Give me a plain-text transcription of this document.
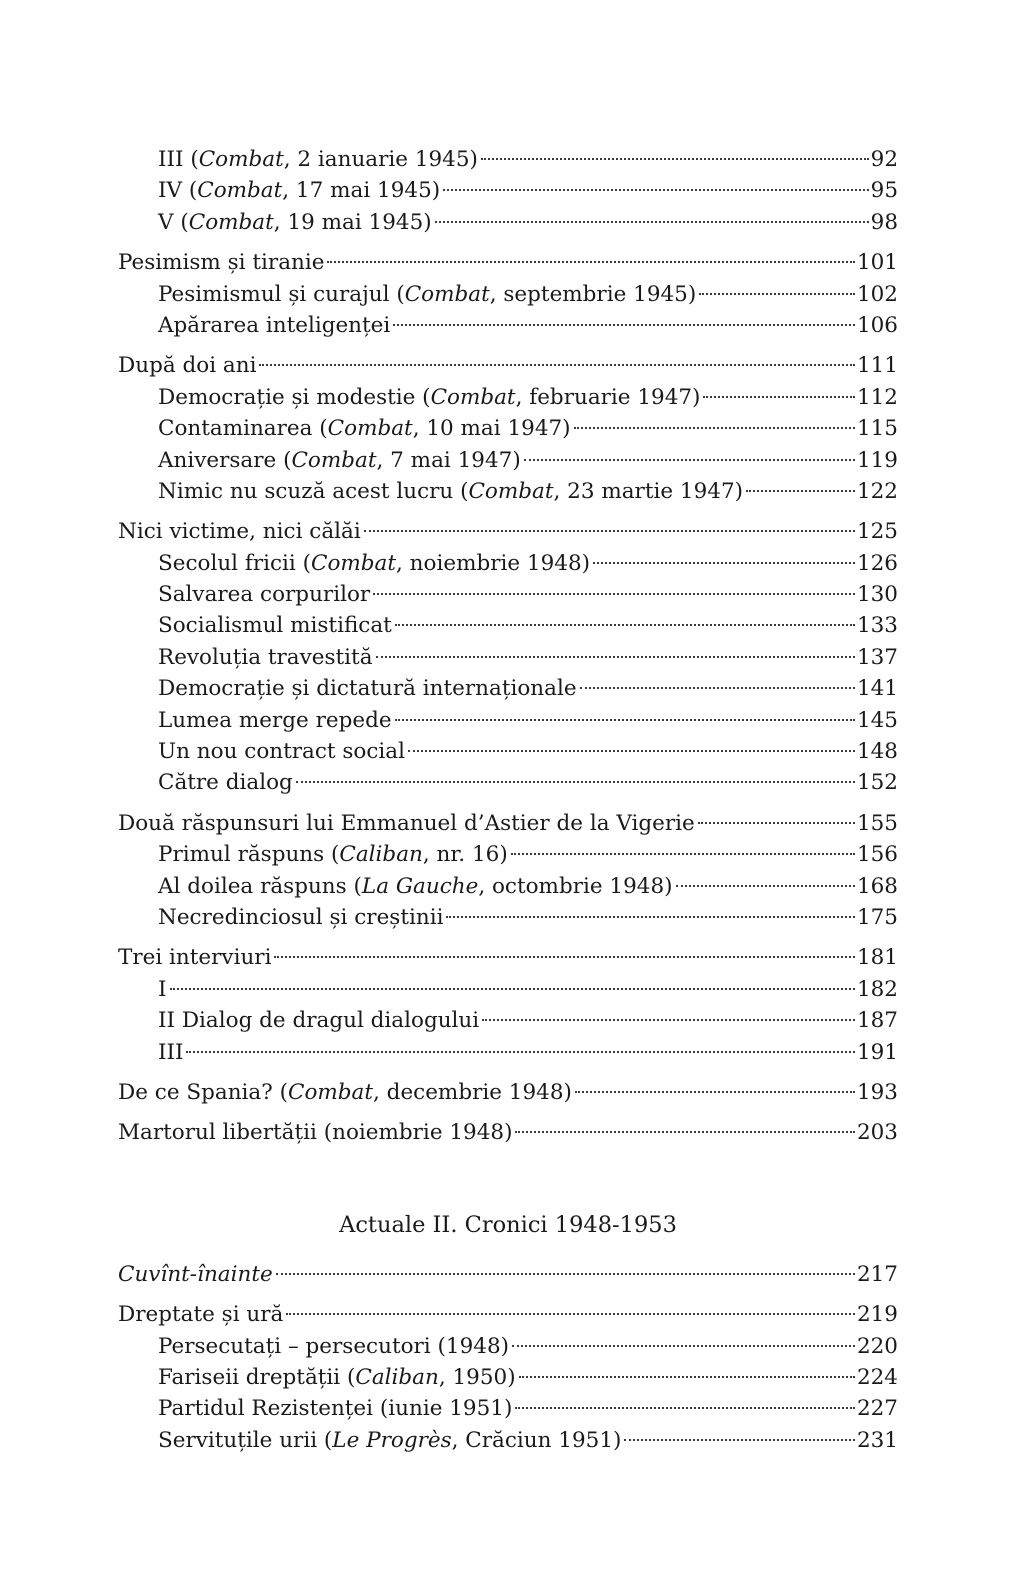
III (Combat, 2 ianuarie 1945)	92
IV (Combat, 17 mai 1945)	95
V (Combat, 19 mai 1945)	98
Pesimism și tiranie	101
Pesimismul și curajul (Combat, septembrie 1945)	102
Apărarea inteligenței	106
După doi ani	111
Democrație și modestie (Combat, februarie 1947)	112
Contaminarea (Combat, 10 mai 1947)	115
Aniversare (Combat, 7 mai 1947)	119
Nimic nu scuză acest lucru (Combat, 23 martie 1947)	122
Nici victime, nici călăi	125
Secolul fricii (Combat, noiembrie 1948)	126
Salvarea corpurilor	130
Socialismul mistificat	133
Revoluția travestită	137
Democrație și dictatură internaționale	141
Lumea merge repede	145
Un nou contract social	148
Către dialog	152
Două răspunsuri lui Emmanuel d’Astier de la Vigerie	155
Primul răspuns (Caliban, nr. 16)	156
Al doilea răspuns (La Gauche, octombrie 1948)	168
Necredinciosul și creștinii	175
Trei interviuri	181
I	182
II Dialog de dragul dialogului	187
III	191
De ce Spania? (Combat, decembrie 1948)	193
Martorul libertății (noiembrie 1948)	203
Actuale II. Cronici 1948-1953
Cuvînt-înainte	217
Dreptate și ură	219
Persecutați – persecutori (1948)	220
Fariseii dreptății (Caliban, 1950)	224
Partidul Rezistenței (iunie 1951)	227
Servituțile urii (Le Progrès, Crăciun 1951)	231
